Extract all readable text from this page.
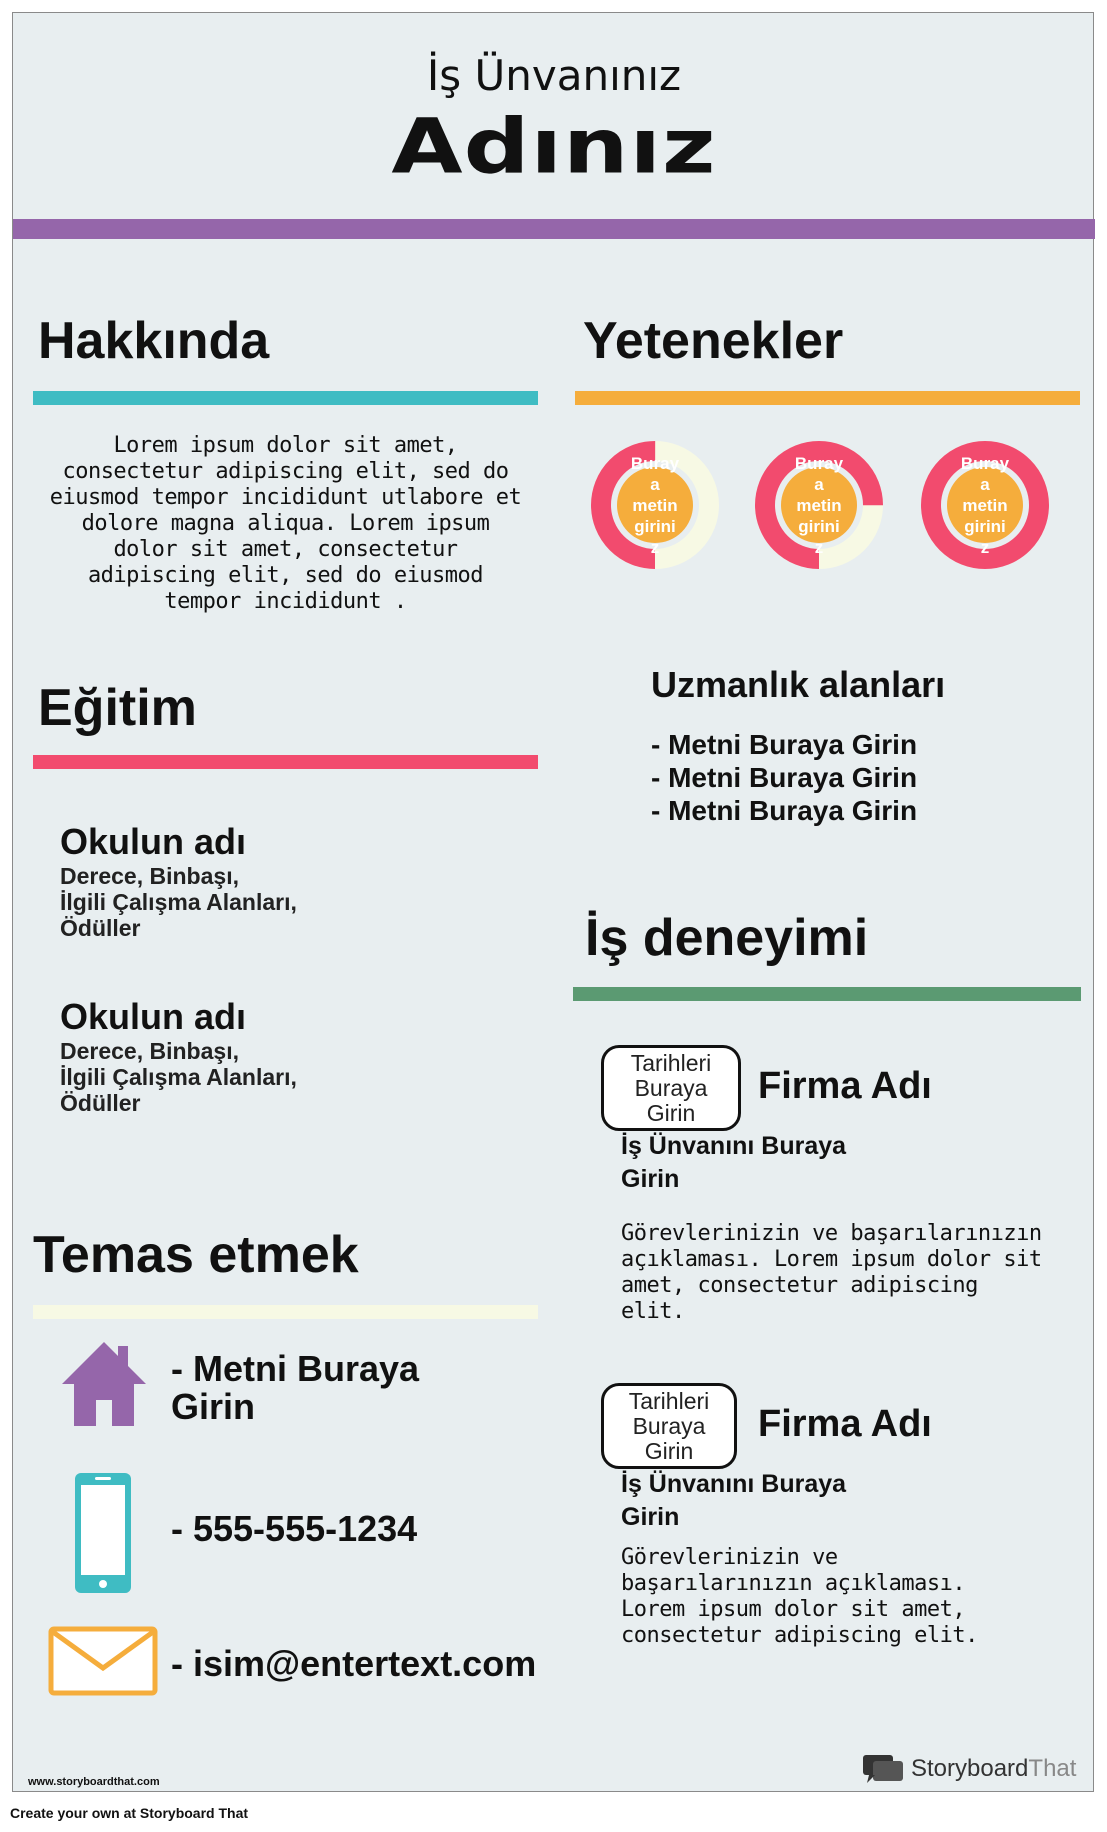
İş Ünvanınız
Adınız
Hakkında
Lorem ipsum dolor sit amet, consectetur adipiscing elit, sed do eiusmod tempor incididunt utlabore et dolore magna aliqua. Lorem ipsum dolor sit amet, consectetur adipiscing elit, sed do eiusmod tempor incididunt .
Eğitim
Okulun adı
Derece, Binbaşı,
İlgili Çalışma Alanları,
Ödüller
Okulun adı
Derece, Binbaşı,
İlgili Çalışma Alanları,
Ödüller
Temas etmek
- Metni Buraya
Girin
- 555-555-1234
- isim@entertext.com
Yetenekler
Buray
a
metin
girini
z
Buray
a
metin
girini
z
Buray
a
metin
girini
z
Uzmanlık alanları
- Metni Buraya Girin
- Metni Buraya Girin
- Metni Buraya Girin
İş deneyimi
Tarihleri
Buraya
Girin
Firma Adı
İş Ünvanını Buraya
Girin
Görevlerinizin ve başarılarınızın açıklaması. Lorem ipsum dolor sit amet, consectetur adipiscing elit.
Tarihleri
Buraya
Girin
Firma Adı
İş Ünvanını Buraya
Girin
Görevlerinizin ve başarılarınızın açıklaması. Lorem ipsum dolor sit amet, consectetur adipiscing elit.
www.storyboardthat.com	Storyboard That
Create your own at Storyboard That
